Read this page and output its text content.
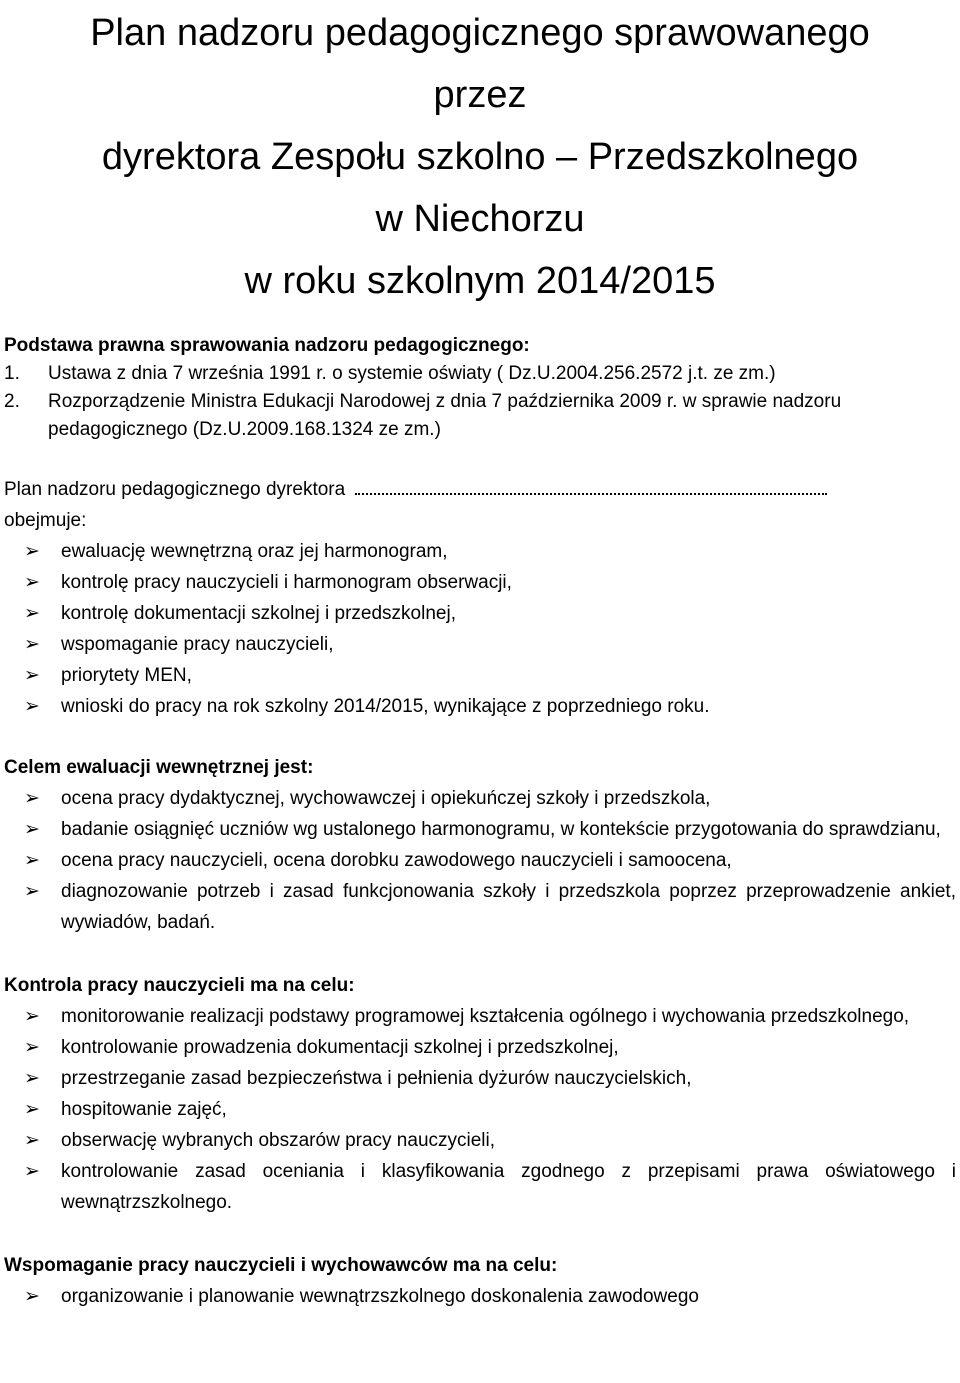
Plan nadzoru pedagogicznego sprawowanego
przez
dyrektora Zespołu szkolno – Przedszkolnego
w Niechorzu
w roku szkolnym 2014/2015
Podstawa prawna sprawowania nadzoru pedagogicznego:
1.	Ustawa z dnia 7 września 1991 r. o systemie oświaty ( Dz.U.2004.256.2572 j.t. ze zm.)
2.	Rozporządzenie Ministra Edukacji Narodowej z dnia 7 października 2009 r. w sprawie nadzoru pedagogicznego (Dz.U.2009.168.1324 ze zm.)
Plan nadzoru pedagogicznego dyrektora
obejmuje:
➢ ewaluację wewnętrzną oraz jej harmonogram,
➢ kontrolę pracy nauczycieli i harmonogram obserwacji,
➢ kontrolę dokumentacji szkolnej i przedszkolnej,
➢ wspomaganie pracy nauczycieli,
➢ priorytety MEN,
➢ wnioski do pracy na rok szkolny 2014/2015, wynikające z poprzedniego roku.
Celem ewaluacji wewnętrznej jest:
➢ ocena pracy dydaktycznej, wychowawczej i opiekuńczej szkoły i przedszkola,
➢ badanie osiągnięć uczniów wg ustalonego harmonogramu, w kontekście przygotowania do sprawdzianu,
➢ ocena pracy nauczycieli, ocena dorobku zawodowego nauczycieli i samoocena,
➢ diagnozowanie potrzeb i zasad funkcjonowania szkoły i przedszkola poprzez przeprowadzenie ankiet, wywiadów, badań.
Kontrola pracy nauczycieli ma na celu:
➢ monitorowanie realizacji podstawy programowej kształcenia ogólnego i wychowania przedszkolnego,
➢ kontrolowanie prowadzenia dokumentacji szkolnej i przedszkolnej,
➢ przestrzeganie zasad bezpieczeństwa i pełnienia dyżurów nauczycielskich,
➢ hospitowanie zajęć,
➢ obserwację wybranych obszarów pracy nauczycieli,
➢ kontrolowanie zasad oceniania i klasyfikowania zgodnego z przepisami prawa oświatowego i wewnątrzszkolnego.
Wspomaganie pracy nauczycieli i wychowawców ma na celu:
➢ organizowanie i planowanie wewnątrzszkolnego doskonalenia zawodowego
